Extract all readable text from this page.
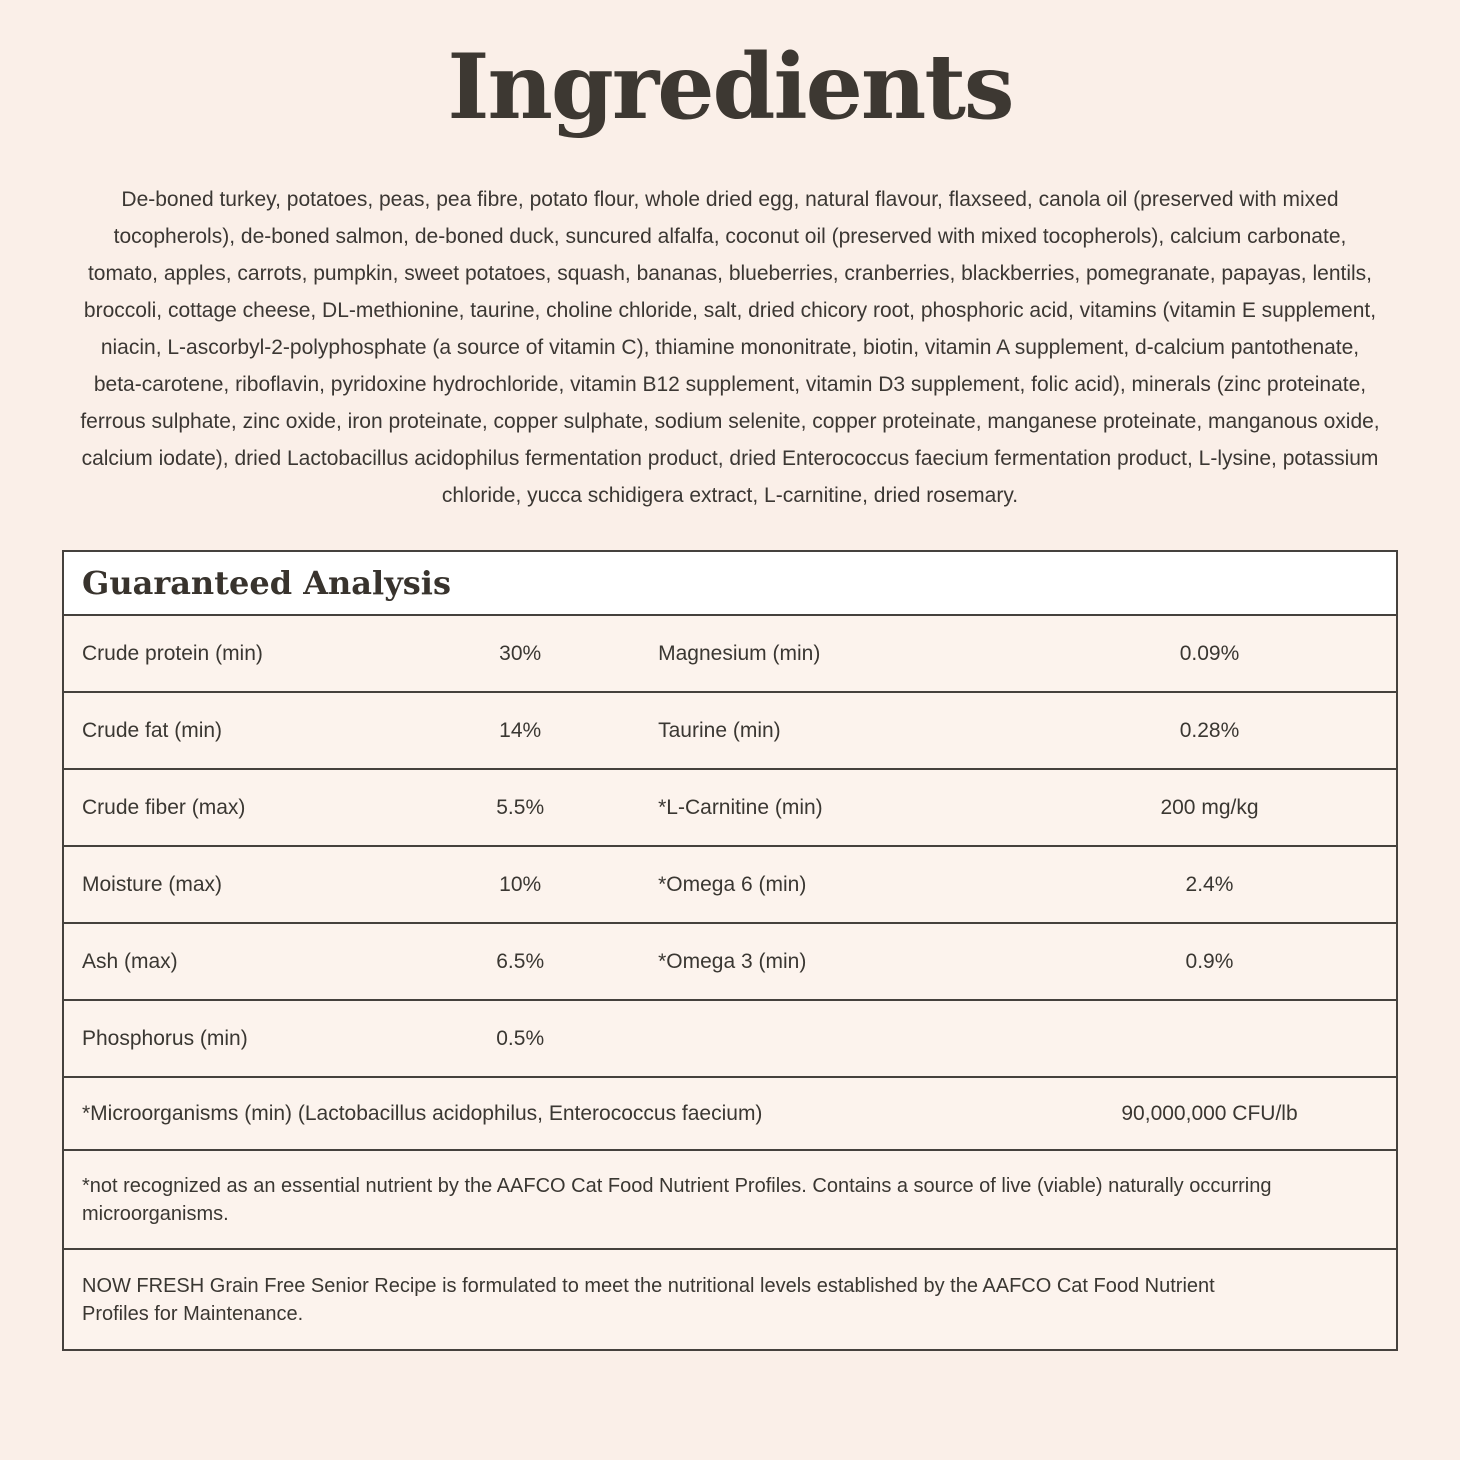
Ingredients

De-boned turkey, potatoes, peas, pea fibre, potato flour, whole dried egg, natural flavour, flaxseed, canola oil (preserved with mixed tocopherols), de-boned salmon, de-boned duck, suncured alfalfa, coconut oil (preserved with mixed tocopherols), calcium carbonate, tomato, apples, carrots, pumpkin, sweet potatoes, squash, bananas, blueberries, cranberries, blackberries, pomegranate, papayas, lentils, broccoli, cottage cheese, DL-methionine, taurine, choline chloride, salt, dried chicory root, phosphoric acid, vitamins (vitamin E supplement, niacin, L-ascorbyl-2-polyphosphate (a source of vitamin C), thiamine mononitrate, biotin, vitamin A supplement, d-calcium pantothenate, beta-carotene, riboflavin, pyridoxine hydrochloride, vitamin B12 supplement, vitamin D3 supplement, folic acid), minerals (zinc proteinate, ferrous sulphate, zinc oxide, iron proteinate, copper sulphate, sodium selenite, copper proteinate, manganese proteinate, manganous oxide, calcium iodate), dried Lactobacillus acidophilus fermentation product, dried Enterococcus faecium fermentation product, L-lysine, potassium chloride, yucca schidigera extract, L-carnitine, dried rosemary.

Guaranteed Analysis
Crude protein (min)	30%	Magnesium (min)	0.09%
Crude fat (min)	14%	Taurine (min)	0.28%
Crude fiber (max)	5.5%	*L-Carnitine (min)	200 mg/kg
Moisture (max)	10%	*Omega 6 (min)	2.4%
Ash (max)	6.5%	*Omega 3 (min)	0.9%
Phosphorus (min)	0.5%
*Microorganisms (min) (Lactobacillus acidophilus, Enterococcus faecium)	90,000,000 CFU/lb
*not recognized as an essential nutrient by the AAFCO Cat Food Nutrient Profiles. Contains a source of live (viable) naturally occurring microorganisms.
NOW FRESH Grain Free Senior Recipe is formulated to meet the nutritional levels established by the AAFCO Cat Food Nutrient Profiles for Maintenance.
